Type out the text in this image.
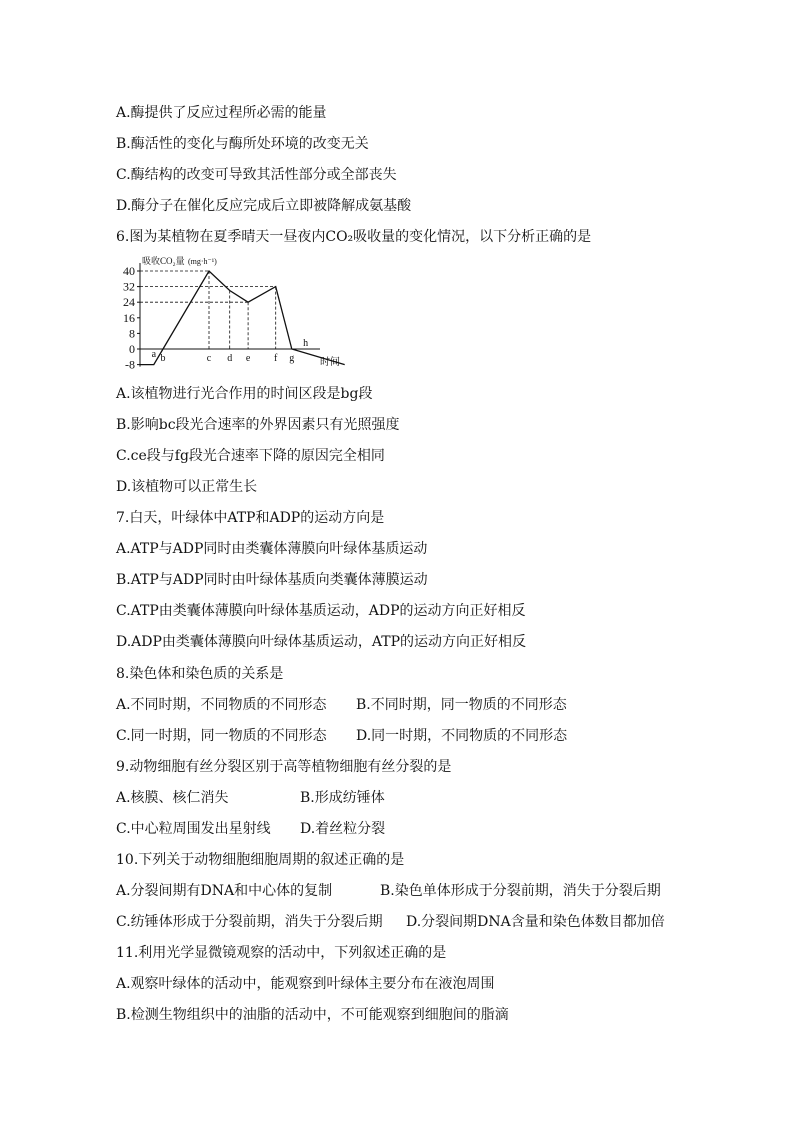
A.酶提供了反应过程所必需的能量
B.酶活性的变化与酶所处环境的改变无关
C.酶结构的改变可导致其活性部分或全部丧失
D.酶分子在催化反应完成后立即被降解成氨基酸
6.图为某植物在夏季晴天一昼夜内CO₂吸收量的变化情况，以下分析正确的是
40
32
24
16
8
0
-8
吸收CO₂量 (mg·h⁻¹)
时间
a b	c d e f g
h
A.该植物进行光合作用的时间区段是bg段
B.影响bc段光合速率的外界因素只有光照强度
C.ce段与fg段光合速率下降的原因完全相同
D.该植物可以正常生长
7.白天，叶绿体中ATP和ADP的运动方向是
A.ATP与ADP同时由类囊体薄膜向叶绿体基质运动
B.ATP与ADP同时由叶绿体基质向类囊体薄膜运动
C.ATP由类囊体薄膜向叶绿体基质运动，ADP的运动方向正好相反
D.ADP由类囊体薄膜向叶绿体基质运动，ATP的运动方向正好相反
8.染色体和染色质的关系是
A.不同时期，不同物质的不同形态 B.不同时期，同一物质的不同形态
C.同一时期，同一物质的不同形态 D.同一时期，不同物质的不同形态
9.动物细胞有丝分裂区别于高等植物细胞有丝分裂的是
A.核膜、核仁消失	B.形成纺锤体
C.中心粒周围发出星射线 D.着丝粒分裂
10.下列关于动物细胞细胞周期的叙述正确的是
A.分裂间期有DNA和中心体的复制	B.染色单体形成于分裂前期，消失于分裂后期
C.纺锤体形成于分裂前期，消失于分裂后期 D.分裂间期DNA含量和染色体数目都加倍
11.利用光学显微镜观察的活动中，下列叙述正确的是
A.观察叶绿体的活动中，能观察到叶绿体主要分布在液泡周围
B.检测生物组织中的油脂的活动中，不可能观察到细胞间的脂滴
